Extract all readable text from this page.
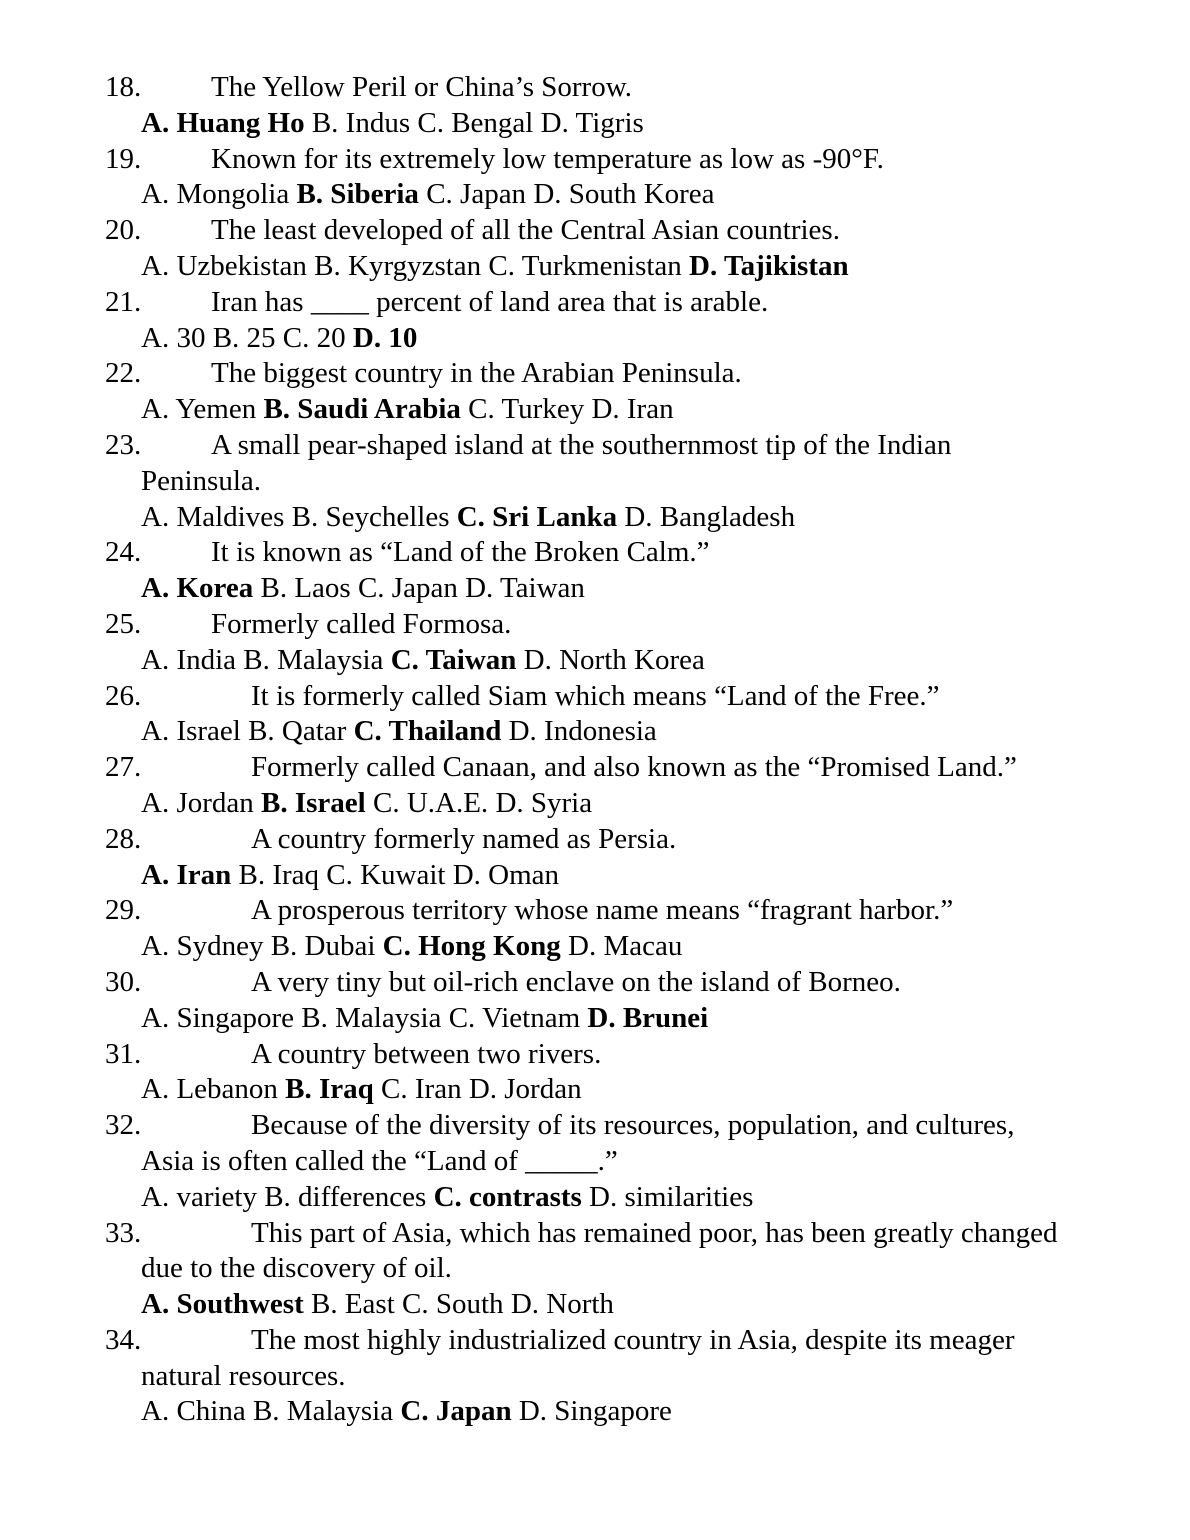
18. The Yellow Peril or China’s Sorrow.
A. Huang Ho B. Indus C. Bengal D. Tigris
19. Known for its extremely low temperature as low as -90°F.
A. Mongolia B. Siberia C. Japan D. South Korea
20. The least developed of all the Central Asian countries.
A. Uzbekistan B. Kyrgyzstan C. Turkmenistan D. Tajikistan
21. Iran has ____ percent of land area that is arable.
A. 30 B. 25 C. 20 D. 10
22. The biggest country in the Arabian Peninsula.
A. Yemen B. Saudi Arabia C. Turkey D. Iran
23. A small pear-shaped island at the southernmost tip of the Indian
Peninsula.
A. Maldives B. Seychelles C. Sri Lanka D. Bangladesh
24. It is known as “Land of the Broken Calm.”
A. Korea B. Laos C. Japan D. Taiwan
25. Formerly called Formosa.
A. India B. Malaysia C. Taiwan D. North Korea
26.	It is formerly called Siam which means “Land of the Free.”
A. Israel B. Qatar C. Thailand D. Indonesia
27.	Formerly called Canaan, and also known as the “Promised Land.”
A. Jordan B. Israel C. U.A.E. D. Syria
28.	A country formerly named as Persia.
A. Iran B. Iraq C. Kuwait D. Oman
29.	A prosperous territory whose name means “fragrant harbor.”
A. Sydney B. Dubai C. Hong Kong D. Macau
30.	A very tiny but oil-rich enclave on the island of Borneo.
A. Singapore B. Malaysia C. Vietnam D. Brunei
31.	A country between two rivers.
A. Lebanon B. Iraq C. Iran D. Jordan
32.	Because of the diversity of its resources, population, and cultures,
Asia is often called the “Land of _____.”
A. variety B. differences C. contrasts D. similarities
33.	This part of Asia, which has remained poor, has been greatly changed
due to the discovery of oil.
A. Southwest B. East C. South D. North
34.	The most highly industrialized country in Asia, despite its meager
natural resources.
A. China B. Malaysia C. Japan D. Singapore
